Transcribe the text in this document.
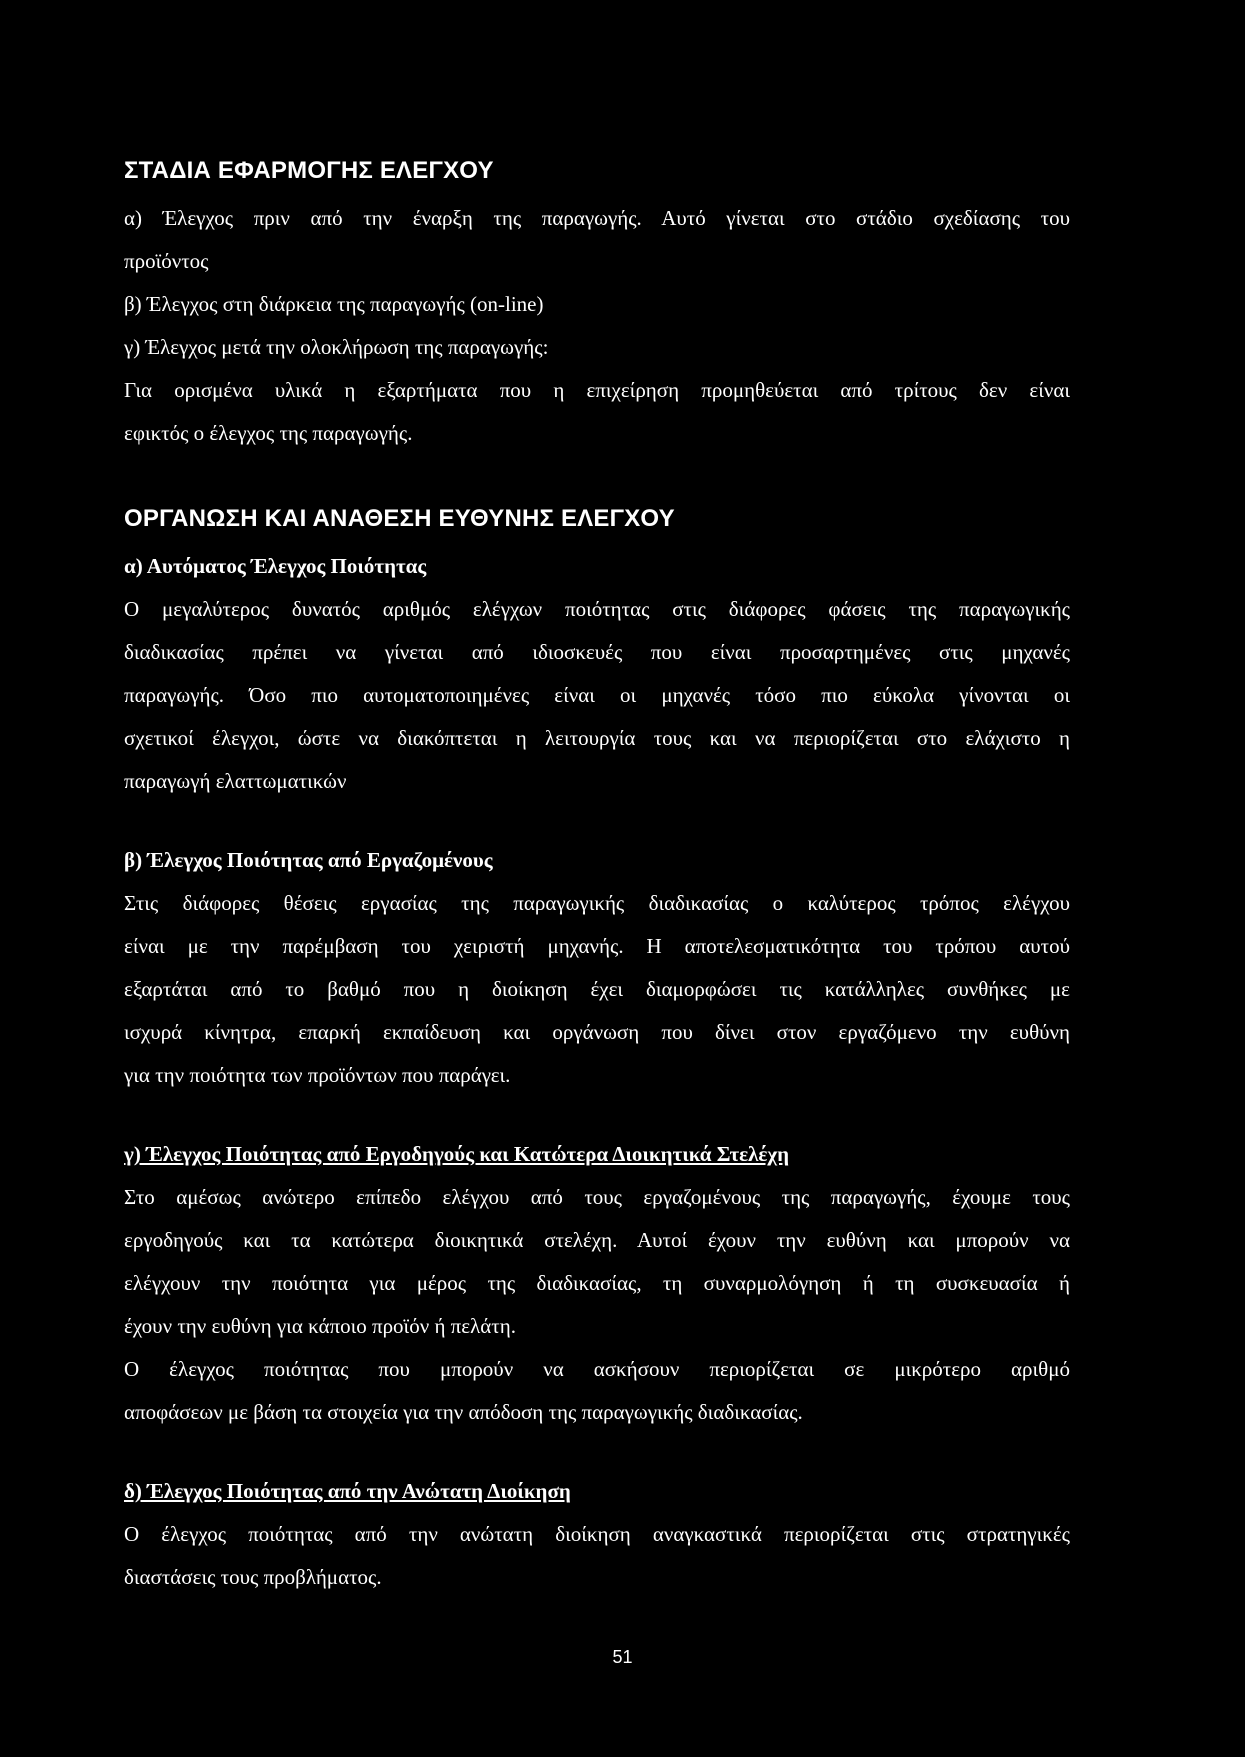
ΣΤΑΔΙΑ ΕΦΑΡΜΟΓΗΣ ΕΛΕΓΧΟΥ
α) Έλεγχος πριν από την έναρξη της παραγωγής. Αυτό γίνεται στο στάδιο σχεδίασης του
προϊόντος
β) Έλεγχος στη διάρκεια της παραγωγής (on-line)
γ) Έλεγχος μετά την ολοκλήρωση της παραγωγής:
Για ορισμένα υλικά η εξαρτήματα που η επιχείρηση προμηθεύεται από τρίτους δεν είναι
εφικτός ο έλεγχος της παραγωγής.
ΟΡΓΑΝΩΣΗ ΚΑΙ ΑΝΑΘΕΣΗ ΕΥΘΥΝΗΣ ΕΛΕΓΧΟΥ
α) Αυτόματος Έλεγχος Ποιότητας
Ο μεγαλύτερος δυνατός αριθμός ελέγχων ποιότητας στις διάφορες φάσεις της παραγωγικής
διαδικασίας πρέπει να γίνεται από ιδιοσκευές που είναι προσαρτημένες στις μηχανές
παραγωγής. Όσο πιο αυτοματοποιημένες είναι οι μηχανές τόσο πιο εύκολα γίνονται οι
σχετικοί έλεγχοι, ώστε να διακόπτεται η λειτουργία τους και να περιορίζεται στο ελάχιστο η
παραγωγή ελαττωματικών
β) Έλεγχος Ποιότητας από Εργαζομένους
Στις διάφορες θέσεις εργασίας της παραγωγικής διαδικασίας ο καλύτερος τρόπος ελέγχου
είναι με την παρέμβαση του χειριστή μηχανής. Η αποτελεσματικότητα του τρόπου αυτού
εξαρτάται από το βαθμό που η διοίκηση έχει διαμορφώσει τις κατάλληλες συνθήκες με
ισχυρά κίνητρα, επαρκή εκπαίδευση και οργάνωση που δίνει στον εργαζόμενο την ευθύνη
για την ποιότητα των προϊόντων που παράγει.
γ) Έλεγχος Ποιότητας από Εργοδηγούς και Κατώτερα Διοικητικά Στελέχη
Στο αμέσως ανώτερο επίπεδο ελέγχου από τους εργαζομένους της παραγωγής, έχουμε τους
εργοδηγούς και τα κατώτερα διοικητικά στελέχη. Αυτοί έχουν την ευθύνη και μπορούν να
ελέγχουν την ποιότητα για μέρος της διαδικασίας, τη συναρμολόγηση ή τη συσκευασία ή
έχουν την ευθύνη για κάποιο προϊόν ή πελάτη.
Ο έλεγχος ποιότητας που μπορούν να ασκήσουν περιορίζεται σε μικρότερο αριθμό
αποφάσεων με βάση τα στοιχεία για την απόδοση της παραγωγικής διαδικασίας.
δ) Έλεγχος Ποιότητας από την Ανώτατη Διοίκηση
Ο έλεγχος ποιότητας από την ανώτατη διοίκηση αναγκαστικά περιορίζεται στις στρατηγικές
διαστάσεις τους προβλήματος.
51
